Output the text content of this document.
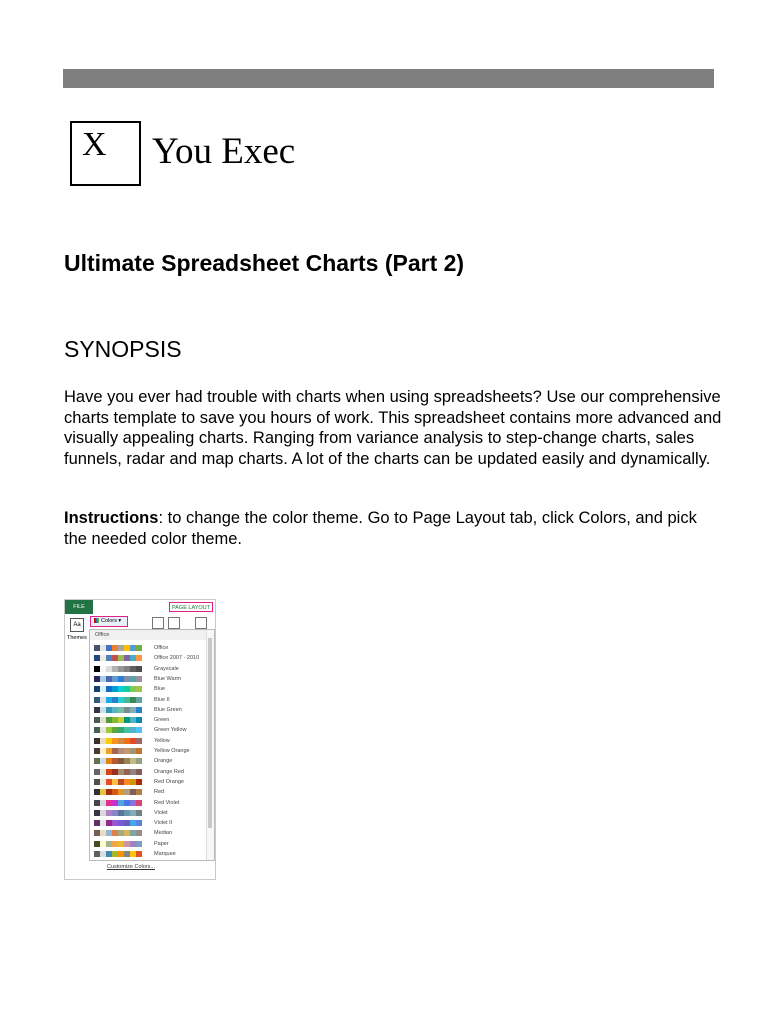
X You Exec
Ultimate Spreadsheet Charts (Part 2)
SYNOPSIS

Have you ever had trouble with charts when using spreadsheets? Use our comprehensive charts template to save you hours of work. This spreadsheet contains more advanced and visually appealing charts. Ranging from variance analysis to step-change charts, sales funnels, radar and map charts. A lot of the charts can be updated easily and dynamically.

Instructions: to change the color theme. Go to Page Layout tab, click Colors, and pick the needed color theme.

FILE	PAGE LAYOUT
Aa
Themes
Colors ▾
Office
Office
Office 2007 - 2010
Grayscale
Blue Warm
Blue
Blue II
Blue Green
Green
Green Yellow
Yellow
Yellow Orange
Orange
Orange Red
Red Orange
Red
Red Violet
Violet
Violet II
Median
Paper
Marquee
Customize Colors...
